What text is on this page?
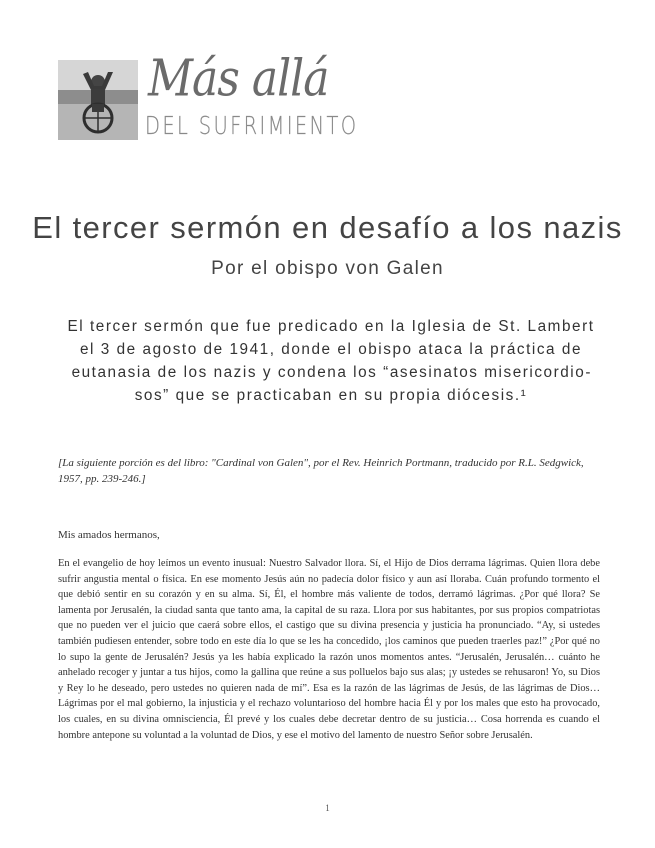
Más allá
DEL SUFRIMIENTO
El tercer sermón en desafío a los nazis
Por el obispo von Galen
El tercer sermón que fue predicado en la Iglesia de St. Lambert el 3 de agosto de 1941, donde el obispo ataca la práctica de eutanasia de los nazis y condena los “asesinatos misericordiosos” que se practicaban en su propia diócesis.¹
[La siguiente porción es del libro: "Cardinal von Galen", por el Rev. Heinrich Portmann, traducido por R.L. Sedgwick, 1957, pp. 239-246.]
Mis amados hermanos,

En el evangelio de hoy leímos un evento inusual: Nuestro Salvador llora. Sí, el Hijo de Dios derrama lágrimas. Quien llora debe sufrir angustia mental o física. En ese momento Jesús aún no padecía dolor físico y aun así lloraba. Cuán profundo tormento el que debió sentir en su corazón y en su alma. Sí, Él, el hombre más valiente de todos, derramó lágrimas. ¿Por qué llora? Se lamenta por Jerusalén, la ciudad santa que tanto ama, la capital de su raza. Llora por sus habitantes, por sus propios compatriotas que no pueden ver el juicio que caerá sobre ellos, el castigo que su divina presencia y justicia ha pronunciado. “Ay, si ustedes también pudiesen entender, sobre todo en este día lo que se les ha concedido, ¡los caminos que pueden traerles paz!” ¿Por qué no lo supo la gente de Jerusalén? Jesús ya les había explicado la razón unos momentos antes. “Jerusalén, Jerusalén… cuánto he anhelado recoger y juntar a tus hijos, como la gallina que reúne a sus polluelos bajo sus alas; ¡y ustedes se rehusaron! Yo, su Dios y Rey lo he deseado, pero ustedes no quieren nada de mí”. Esa es la razón de las lágrimas de Jesús, de las lágrimas de Dios… Lágrimas por el mal gobierno, la injusticia y el rechazo voluntarioso del hombre hacia Él y por los males que esto ha provocado, los cuales, en su divina omnisciencia, Él prevé y los cuales debe decretar dentro de su justicia… Cosa horrenda es cuando el hombre antepone su voluntad a la voluntad de Dios, y ese el motivo del lamento de nuestro Señor sobre Jerusalén.

1
